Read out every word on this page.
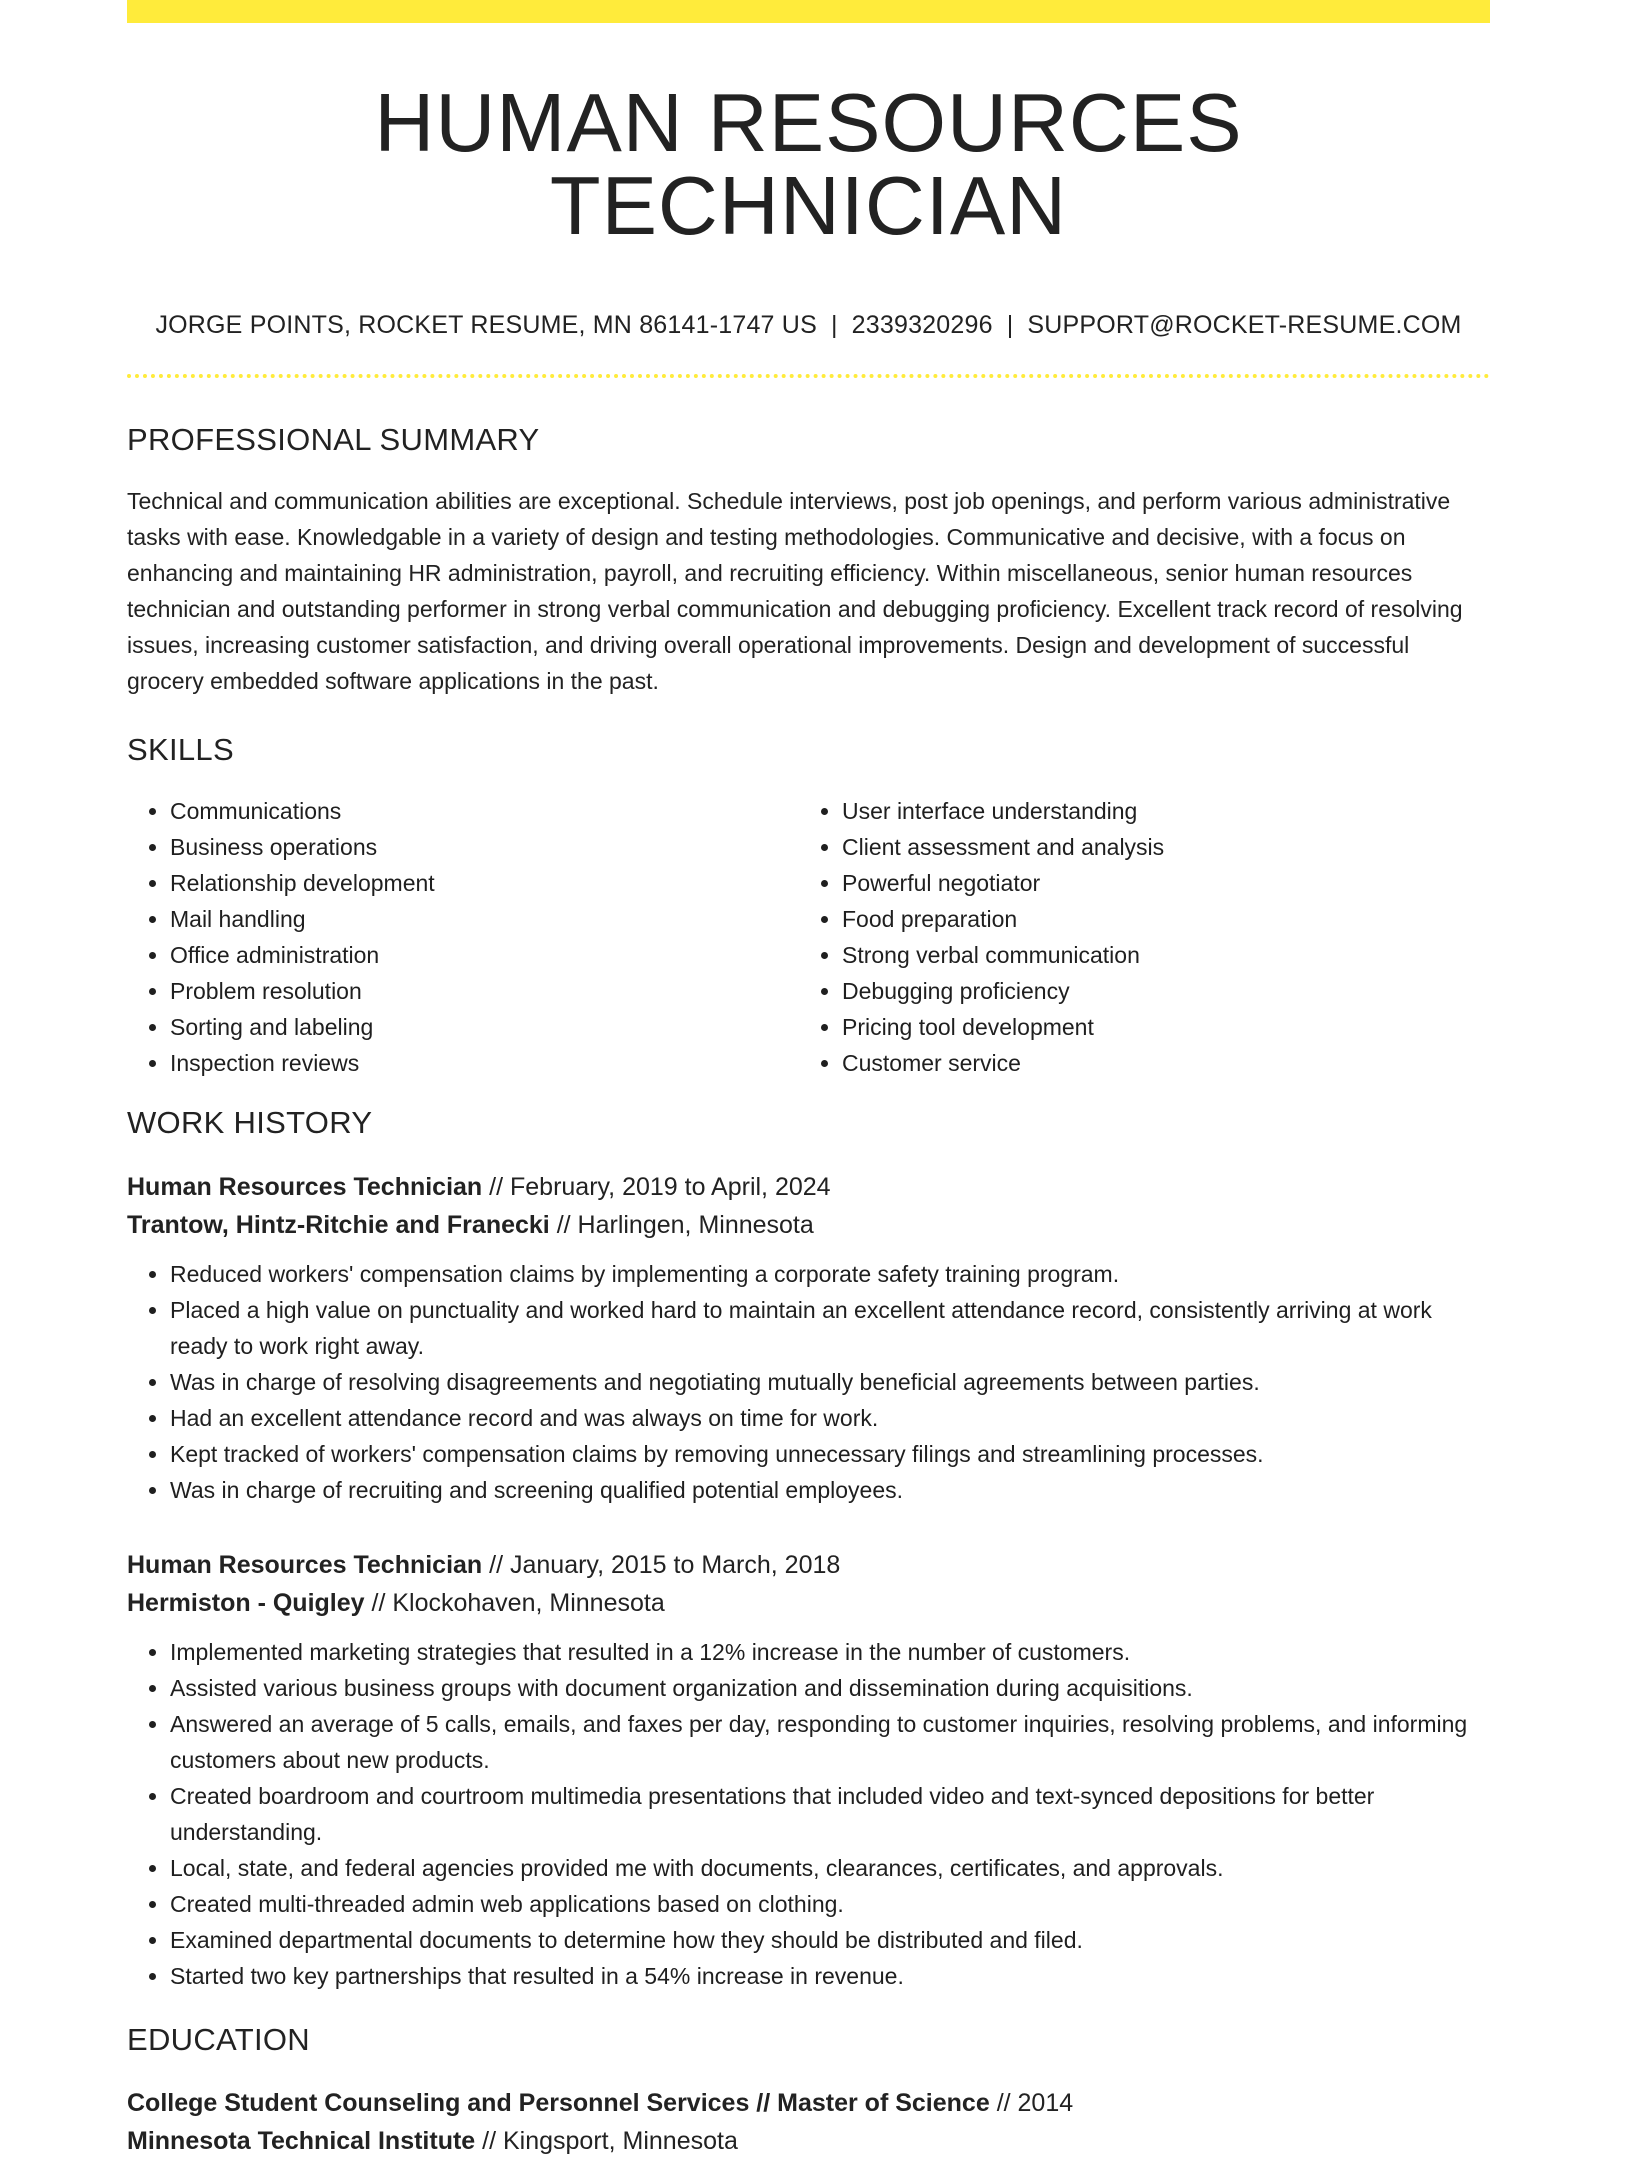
HUMAN RESOURCES TECHNICIAN
JORGE POINTS, ROCKET RESUME, MN 86141-1747 US | 2339320296 | SUPPORT@ROCKET-RESUME.COM
PROFESSIONAL SUMMARY
Technical and communication abilities are exceptional. Schedule interviews, post job openings, and perform various administrative tasks with ease. Knowledgable in a variety of design and testing methodologies. Communicative and decisive, with a focus on enhancing and maintaining HR administration, payroll, and recruiting efficiency. Within miscellaneous, senior human resources technician and outstanding performer in strong verbal communication and debugging proficiency. Excellent track record of resolving issues, increasing customer satisfaction, and driving overall operational improvements. Design and development of successful grocery embedded software applications in the past.
SKILLS
• Communications
• Business operations
• Relationship development
• Mail handling
• Office administration
• Problem resolution
• Sorting and labeling
• Inspection reviews
• User interface understanding
• Client assessment and analysis
• Powerful negotiator
• Food preparation
• Strong verbal communication
• Debugging proficiency
• Pricing tool development
• Customer service
WORK HISTORY
Human Resources Technician // February, 2019 to April, 2024
Trantow, Hintz-Ritchie and Franecki // Harlingen, Minnesota
• Reduced workers' compensation claims by implementing a corporate safety training program.
• Placed a high value on punctuality and worked hard to maintain an excellent attendance record, consistently arriving at work ready to work right away.
• Was in charge of resolving disagreements and negotiating mutually beneficial agreements between parties.
• Had an excellent attendance record and was always on time for work.
• Kept tracked of workers' compensation claims by removing unnecessary filings and streamlining processes.
• Was in charge of recruiting and screening qualified potential employees.
Human Resources Technician // January, 2015 to March, 2018
Hermiston - Quigley // Klockohaven, Minnesota
• Implemented marketing strategies that resulted in a 12% increase in the number of customers.
• Assisted various business groups with document organization and dissemination during acquisitions.
• Answered an average of 5 calls, emails, and faxes per day, responding to customer inquiries, resolving problems, and informing customers about new products.
• Created boardroom and courtroom multimedia presentations that included video and text-synced depositions for better understanding.
• Local, state, and federal agencies provided me with documents, clearances, certificates, and approvals.
• Created multi-threaded admin web applications based on clothing.
• Examined departmental documents to determine how they should be distributed and filed.
• Started two key partnerships that resulted in a 54% increase in revenue.
EDUCATION
College Student Counseling and Personnel Services // Master of Science // 2014
Minnesota Technical Institute // Kingsport, Minnesota
